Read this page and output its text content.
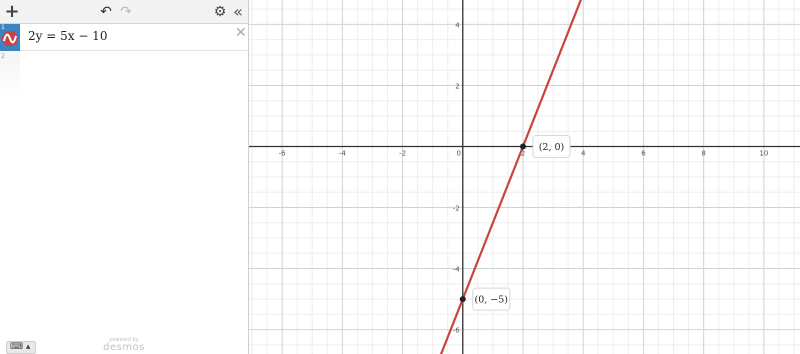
+	↶ ↷	⚙ «
1
2y = 5x − 10	✕
2
⌨ ▴
powered by
desmos
-6	-4	-2	0	2	4	6	8	10
4
2
-2
-4
-6
(2, 0)
(0, −5)
